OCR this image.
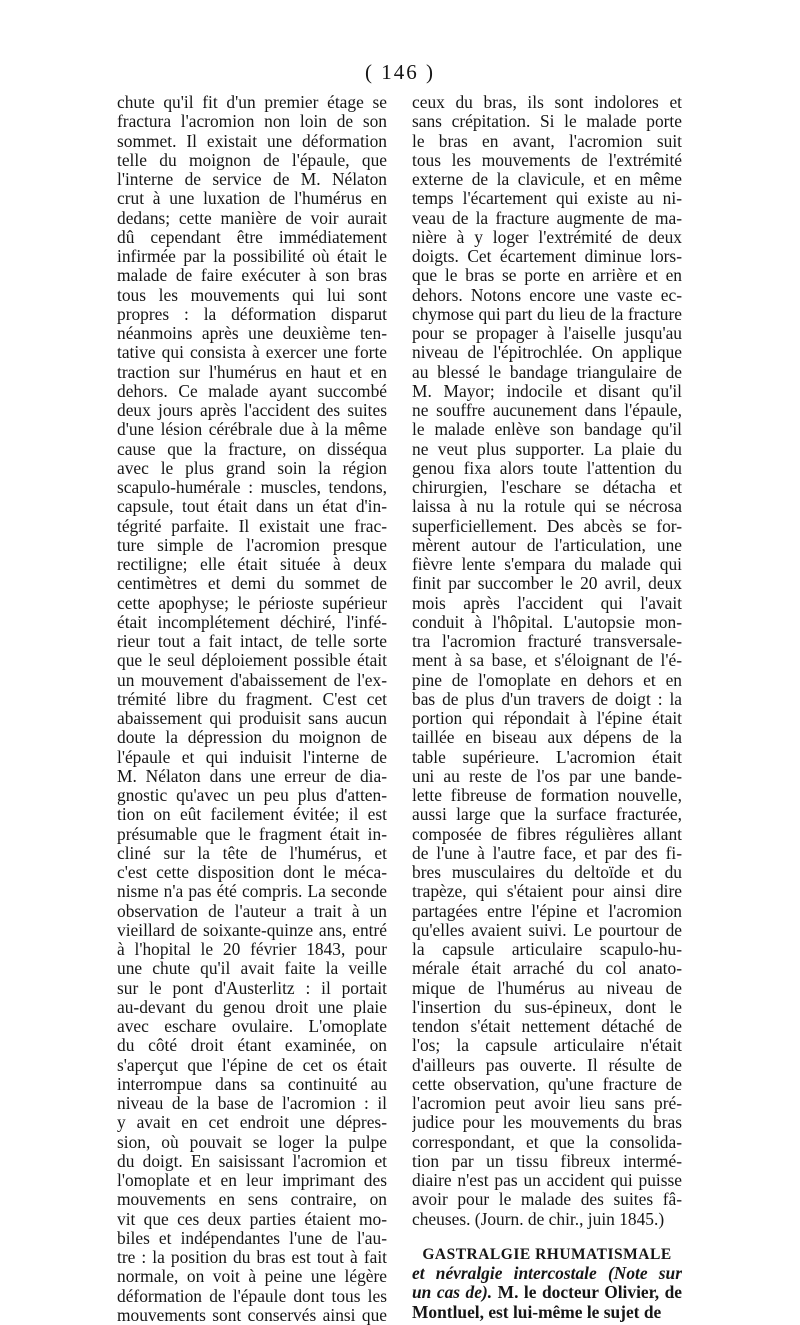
( 146 )
chute qu'il fit d'un premier étage se
fractura l'acromion non loin de son
sommet. Il existait une déformation
telle du moignon de l'épaule, que
l'interne de service de M. Nélaton
crut à une luxation de l'humérus en
dedans; cette manière de voir aurait
dû cependant être immédiatement
infirmée par la possibilité où était le
malade de faire exécuter à son bras
tous les mouvements qui lui sont
propres : la déformation disparut
néanmoins après une deuxième ten-
tative qui consista à exercer une forte
traction sur l'humérus en haut et en
dehors. Ce malade ayant succombé
deux jours après l'accident des suites
d'une lésion cérébrale due à la même
cause que la fracture, on disséqua
avec le plus grand soin la région
scapulo-humérale : muscles, tendons,
capsule, tout était dans un état d'in-
tégrité parfaite. Il existait une frac-
ture simple de l'acromion presque
rectiligne; elle était située à deux
centimètres et demi du sommet de
cette apophyse; le périoste supérieur
était incomplétement déchiré, l'infé-
rieur tout a fait intact, de telle sorte
que le seul déploiement possible était
un mouvement d'abaissement de l'ex-
trémité libre du fragment. C'est cet
abaissement qui produisit sans aucun
doute la dépression du moignon de
l'épaule et qui induisit l'interne de
M. Nélaton dans une erreur de dia-
gnostic qu'avec un peu plus d'atten-
tion on eût facilement évitée; il est
présumable que le fragment était in-
cliné sur la tête de l'humérus, et
c'est cette disposition dont le méca-
nisme n'a pas été compris. La seconde
observation de l'auteur a trait à un
vieillard de soixante-quinze ans, entré
à l'hopital le 20 février 1843, pour
une chute qu'il avait faite la veille
sur le pont d'Austerlitz : il portait
au-devant du genou droit une plaie
avec eschare ovulaire. L'omoplate
du côté droit étant examinée, on
s'aperçut que l'épine de cet os était
interrompue dans sa continuité au
niveau de la base de l'acromion : il
y avait en cet endroit une dépres-
sion, où pouvait se loger la pulpe
du doigt. En saisissant l'acromion et
l'omoplate et en leur imprimant des
mouvements en sens contraire, on
vit que ces deux parties étaient mo-
biles et indépendantes l'une de l'au-
tre : la position du bras est tout à fait
normale, on voit à peine une légère
déformation de l'épaule dont tous les
mouvements sont conservés ainsi que
ceux du bras, ils sont indolores et
sans crépitation. Si le malade porte
le bras en avant, l'acromion suit
tous les mouvements de l'extrémité
externe de la clavicule, et en même
temps l'écartement qui existe au ni-
veau de la fracture augmente de ma-
nière à y loger l'extrémité de deux
doigts. Cet écartement diminue lors-
que le bras se porte en arrière et en
dehors. Notons encore une vaste ec-
chymose qui part du lieu de la fracture
pour se propager à l'aiselle jusqu'au
niveau de l'épitrochlée. On applique
au blessé le bandage triangulaire de
M. Mayor; indocile et disant qu'il
ne souffre aucunement dans l'épaule,
le malade enlève son bandage qu'il
ne veut plus supporter. La plaie du
genou fixa alors toute l'attention du
chirurgien, l'eschare se détacha et
laissa à nu la rotule qui se nécrosa
superficiellement. Des abcès se for-
mèrent autour de l'articulation, une
fièvre lente s'empara du malade qui
finit par succomber le 20 avril, deux
mois après l'accident qui l'avait
conduit à l'hôpital. L'autopsie mon-
tra l'acromion fracturé transversale-
ment à sa base, et s'éloignant de l'é-
pine de l'omoplate en dehors et en
bas de plus d'un travers de doigt : la
portion qui répondait à l'épine était
taillée en biseau aux dépens de la
table supérieure. L'acromion était
uni au reste de l'os par une bande-
lette fibreuse de formation nouvelle,
aussi large que la surface fracturée,
composée de fibres régulières allant
de l'une à l'autre face, et par des fi-
bres musculaires du deltoïde et du
trapèze, qui s'étaient pour ainsi dire
partagées entre l'épine et l'acromion
qu'elles avaient suivi. Le pourtour de
la capsule articulaire scapulo-hu-
mérale était arraché du col anato-
mique de l'humérus au niveau de
l'insertion du sus-épineux, dont le
tendon s'était nettement détaché de
l'os; la capsule articulaire n'était
d'ailleurs pas ouverte. Il résulte de
cette observation, qu'une fracture de
l'acromion peut avoir lieu sans pré-
judice pour les mouvements du bras
correspondant, et que la consolida-
tion par un tissu fibreux intermé-
diaire n'est pas un accident qui puisse
avoir pour le malade des suites fâ-
cheuses. (Journ. de chir., juin 1845.)
GASTRALGIE RHUMATISMALE
et névralgie intercostale (Note sur
un cas de). M. le docteur Olivier, de
Montluel, est lui-même le sujet de
